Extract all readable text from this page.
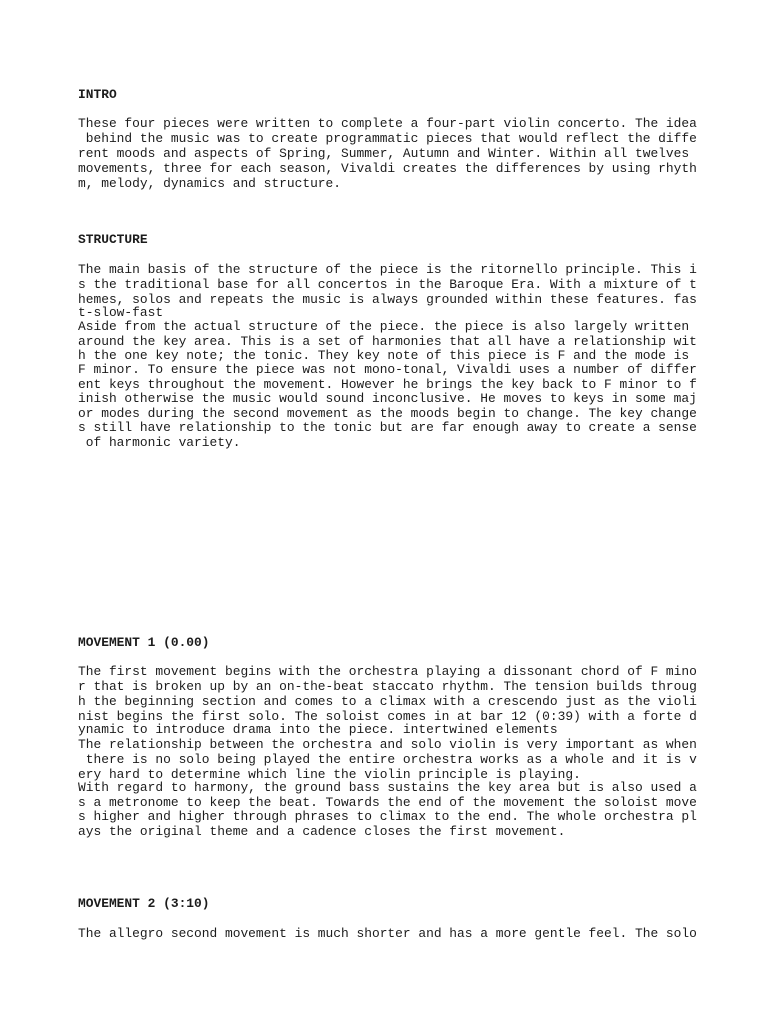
INTRO

These four pieces were written to complete a four-part violin concerto. The idea

behind the music was to create programmatic pieces that would reflect the diffe

rent moods and aspects of Spring, Summer, Autumn and Winter. Within all twelves

movements, three for each season, Vivaldi creates the differences by using rhyth

m, melody, dynamics and structure.

STRUCTURE

The main basis of the structure of the piece is the ritornello principle. This i

s the traditional base for all concertos in the Baroque Era. With a mixture of t

hemes, solos and repeats the music is always grounded within these features. fas

t-slow-fast

Aside from the actual structure of the piece. the piece is also largely written

around the key area. This is a set of harmonies that all have a relationship wit

h the one key note; the tonic. They key note of this piece is F and the mode is

F minor. To ensure the piece was not mono-tonal, Vivaldi uses a number of differ

ent keys throughout the movement. However he brings the key back to F minor to f

inish otherwise the music would sound inconclusive. He moves to keys in some maj

or modes during the second movement as the moods begin to change. The key change

s still have relationship to the tonic but are far enough away to create a sense

of harmonic variety.

MOVEMENT 1 (0.00)

The first movement begins with the orchestra playing a dissonant chord of F mino

r that is broken up by an on-the-beat staccato rhythm. The tension builds throug

h the beginning section and comes to a climax with a crescendo just as the violi

nist begins the first solo. The soloist comes in at bar 12 (0:39) with a forte d

ynamic to introduce drama into the piece. intertwined elements

The relationship between the orchestra and solo violin is very important as when

there is no solo being played the entire orchestra works as a whole and it is v

ery hard to determine which line the violin principle is playing.

With regard to harmony, the ground bass sustains the key area but is also used a

s a metronome to keep the beat. Towards the end of the movement the soloist move

s higher and higher through phrases to climax to the end. The whole orchestra pl

ays the original theme and a cadence closes the first movement.

MOVEMENT 2 (3:10)

The allegro second movement is much shorter and has a more gentle feel. The solo
